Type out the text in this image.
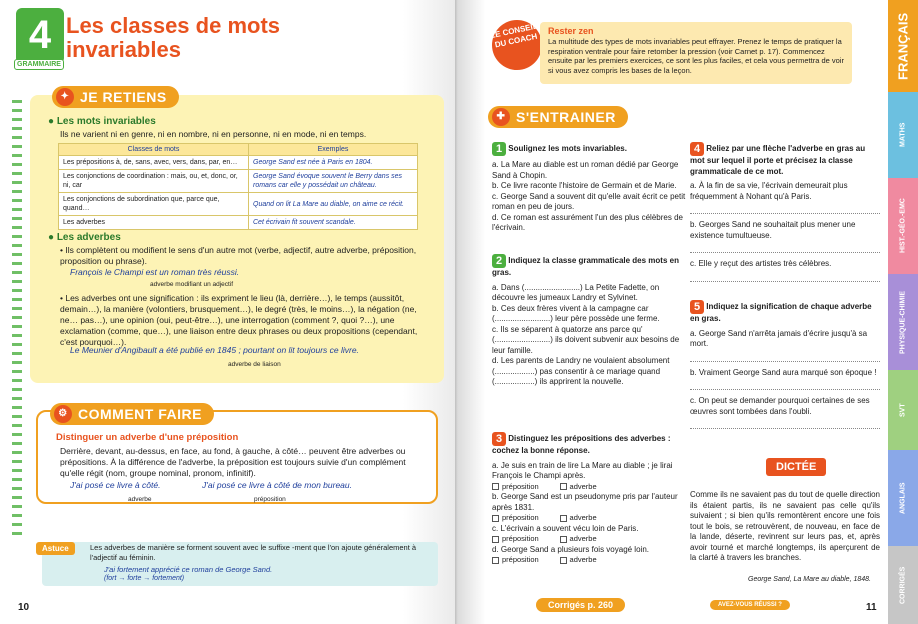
4
GRAMMAIRE
Les classes de mots invariables
✦ JE RETIENS
● Les mots invariables
Ils ne varient ni en genre, ni en nombre, ni en personne, ni en mode, ni en temps.
Classes de mots	Exemples
Les prépositions à, de, sans, avec, vers, dans, par, en…	George Sand est née à Paris en 1804.
Les conjonctions de coordination : mais, ou, et, donc, or, ni, car	George Sand évoque souvent le Berry dans ses romans car elle y possédait un château.
Les conjonctions de subordination que, parce que, quand…	Quand on lit La Mare au diable, on aime ce récit.
Les adverbes	Cet écrivain fit souvent scandale.
● Les adverbes
• Ils complètent ou modifient le sens d'un autre mot (verbe, adjectif, autre adverbe, préposition, proposition ou phrase).
François le Champi est un roman très réussi.
adverbe modifiant un adjectif
• Les adverbes ont une signification : ils expriment le lieu (là, derrière…), le temps (aussitôt, demain…), la manière (volontiers, brusquement…), le degré (très, le moins…), la négation (ne, ne… pas…), une opinion (oui, peut-être…), une interrogation (comment ?, quoi ?…), une exclamation (comme, que…), une liaison entre deux phrases ou deux propositions (cependant, c'est pourquoi…).
Le Meunier d'Angibault a été publié en 1845 ; pourtant on lit toujours ce livre.
adverbe de liaison
⚙ COMMENT FAIRE
Distinguer un adverbe d'une préposition
Derrière, devant, au-dessus, en face, au fond, à gauche, à côté… peuvent être adverbes ou prépositions. À la différence de l'adverbe, la préposition est toujours suivie d'un complément qu'elle régit (nom, groupe nominal, pronom, infinitif).
J'ai posé ce livre à côté.	J'ai posé ce livre à côté de mon bureau.
adverbe	préposition
Astuce	Les adverbes de manière se forment souvent avec le suffixe -ment que l'on ajoute généralement à l'adjectif au féminin.
J'ai fortement apprécié ce roman de George Sand.
(fort → forte → fortement)
10
LE CONSEIL DU COACH
Rester zen
La multitude des types de mots invariables peut effrayer. Prenez le temps de pratiquer la respiration ventrale pour faire retomber la pression (voir Carnet p. 17). Commencez ensuite par les premiers exercices, ce sont les plus faciles, et cela vous permettra de voir si vous avez compris les bases de la leçon.
✚ S'ENTRAINER
1 Soulignez les mots invariables.
a. La Mare au diable est un roman dédié par George Sand à Chopin.
b. Ce livre raconte l'histoire de Germain et de Marie.
c. George Sand a souvent dit qu'elle avait écrit ce petit roman en peu de jours.
d. Ce roman est assurément l'un des plus célèbres de l'écrivain.
2 Indiquez la classe grammaticale des mots en gras.
a. Dans (.........................) La Petite Fadette, on découvre les jumeaux Landry et Sylvinet.
b. Ces deux frères vivent à la campagne car (.........................) leur père possède une ferme.
c. Ils se séparent à quatorze ans parce qu' (.........................) ils doivent subvenir aux besoins de leur famille.
d. Les parents de Landry ne voulaient absolument (..................) pas consentir à ce mariage quand (..................) ils apprirent la nouvelle.
3 Distinguez les prépositions des adverbes : cochez la bonne réponse.
a. Je suis en train de lire La Mare au diable ; je lirai François le Champi après.
préposition	adverbe
b. George Sand est un pseudonyme pris par l'auteur après 1831.
préposition	adverbe
c. L'écrivain a souvent vécu loin de Paris.
préposition	adverbe
d. George Sand a plusieurs fois voyagé loin.
préposition	adverbe
4 Reliez par une flèche l'adverbe en gras au mot sur lequel il porte et précisez la classe grammaticale de ce mot.
a. À la fin de sa vie, l'écrivain demeurait plus fréquemment à Nohant qu'à Paris.
b. Georges Sand ne souhaitait plus mener une existence tumultueuse.
c. Elle y reçut des artistes très célèbres.
5 Indiquez la signification de chaque adverbe en gras.
a. George Sand n'arrêta jamais d'écrire jusqu'à sa mort.
b. Vraiment George Sand aura marqué son époque !
c. On peut se demander pourquoi certaines de ses œuvres sont tombées dans l'oubli.
DICTÉE
Comme ils ne savaient pas du tout de quelle direction ils étaient partis, ils ne savaient pas celle qu'ils suivaient ; si bien qu'ils remontèrent encore une fois tout le bois, se retrouvèrent, de nouveau, en face de la lande, déserte, revinrent sur leurs pas, et, après avoir tourné et marché longtemps, ils aperçurent de la clarté à travers les branches.
George Sand, La Mare au diable, 1848.
Corrigés p. 260	AVEZ-VOUS RÉUSSI ?	11
FRANÇAIS
MATHS
HIST.-GÉO.-EMC
PHYSIQUE-CHIMIE
SVT
ANGLAIS
CORRIGÉS
